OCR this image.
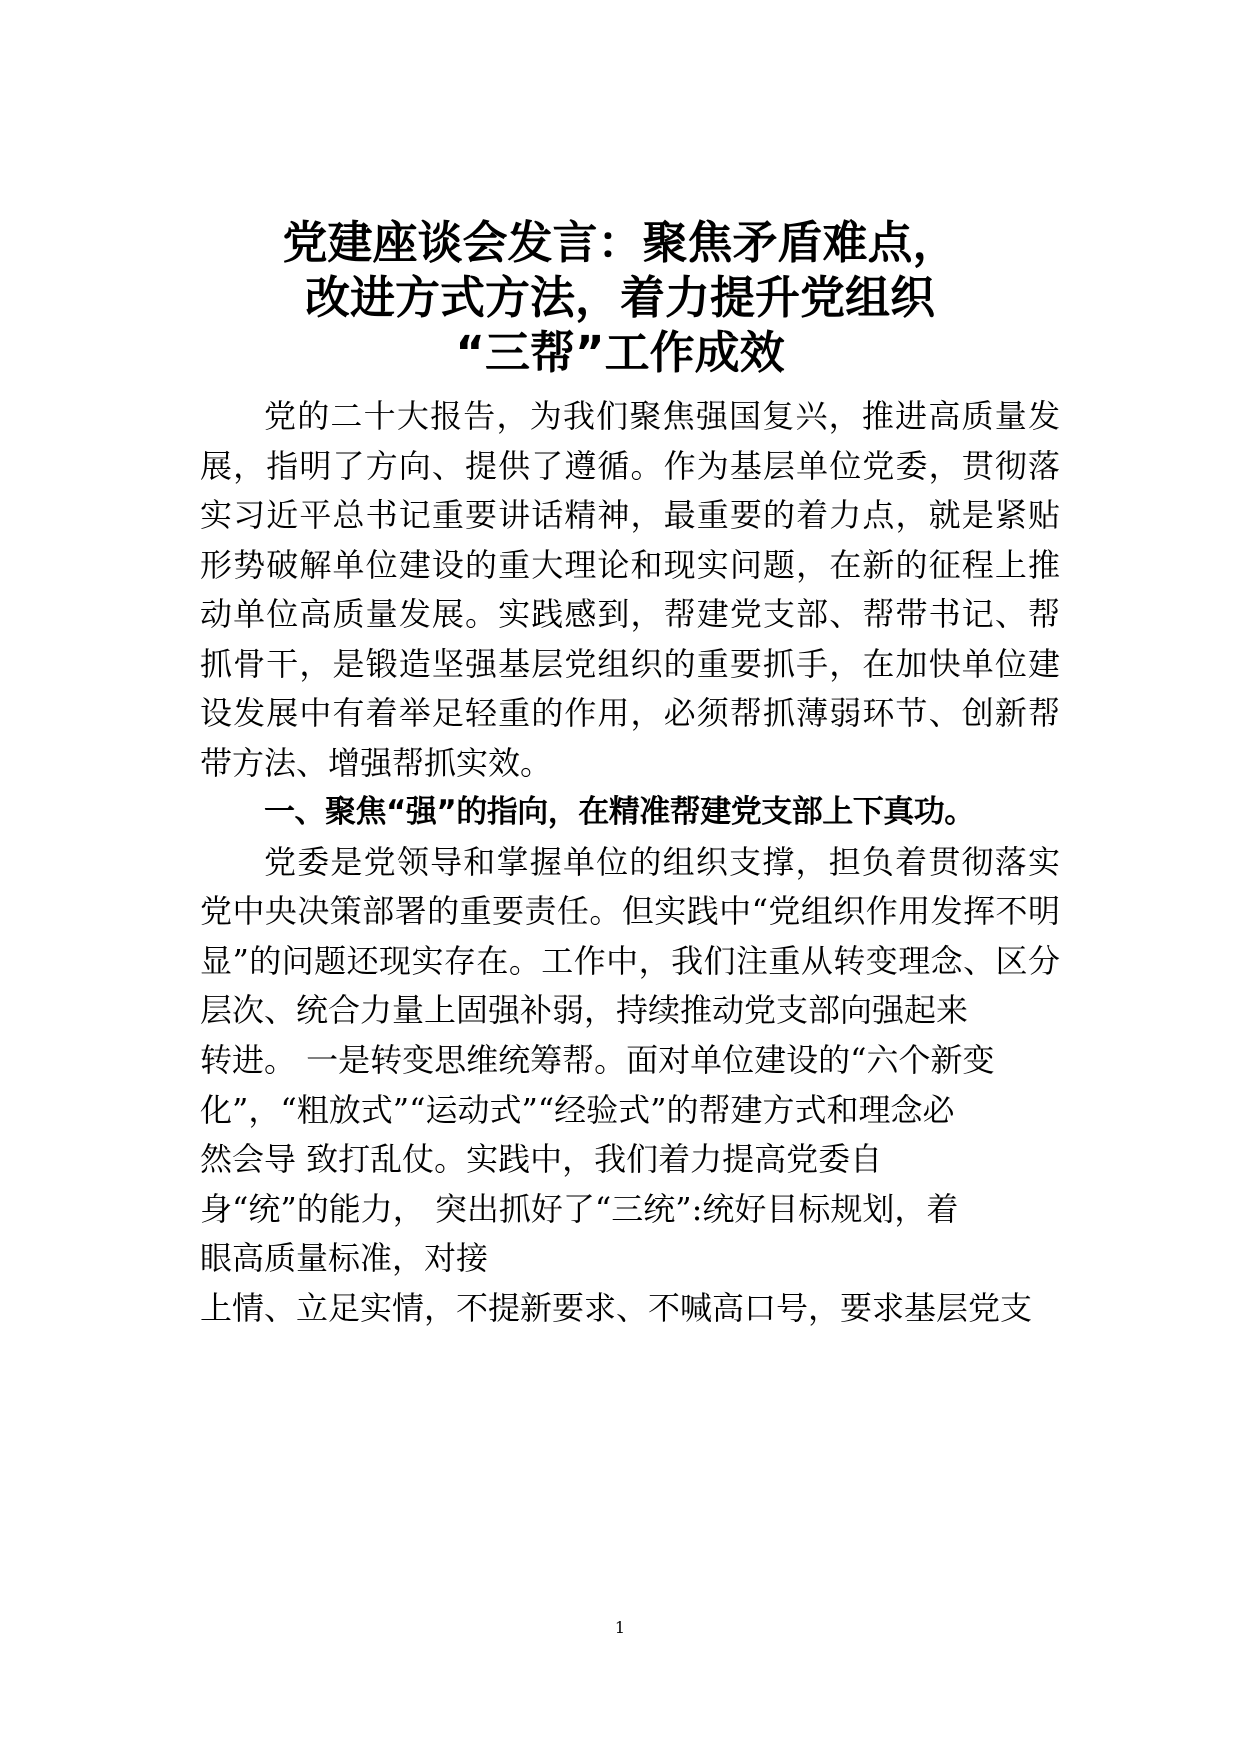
党建座谈会发言：聚焦矛盾难点，
改进方式方法，着力提升党组织
“三帮”工作成效

党的二十大报告，为我们聚焦强国复兴，推进高质量发展，指明了方向、提供了遵循。作为基层单位党委，贯彻落实习近平总书记重要讲话精神，最重要的着力点，就是紧贴形势破解单位建设的重大理论和现实问题，在新的征程上推动单位高质量发展。实践感到，帮建党支部、帮带书记、帮抓骨干，是锻造坚强基层党组织的重要抓手，在加快单位建设发展中有着举足轻重的作用，必须帮抓薄弱环节、创新帮带方法、增强帮抓实效。

一、聚焦“强”的指向，在精准帮建党支部上下真功。

党委是党领导和掌握单位的组织支撑，担负着贯彻落实党中央决策部署的重要责任。但实践中“党组织作用发挥不明显”的问题还现实存在。工作中，我们注重从转变理念、区分层次、统合力量上固强补弱，持续推动党支部向强起来

转进。 一是转变思维统筹帮。面对单位建设的“六个新变
化”，“粗放式”“运动式”“经验式”的帮建方式和理念必
然会导 致打乱仗。实践中，我们着力提高党委自
身“统”的能力， 突出抓好了“三统”:统好目标规划，着
眼高质量标准，对接
上情、立足实情，不提新要求、不喊高口号，要求基层党支
1
